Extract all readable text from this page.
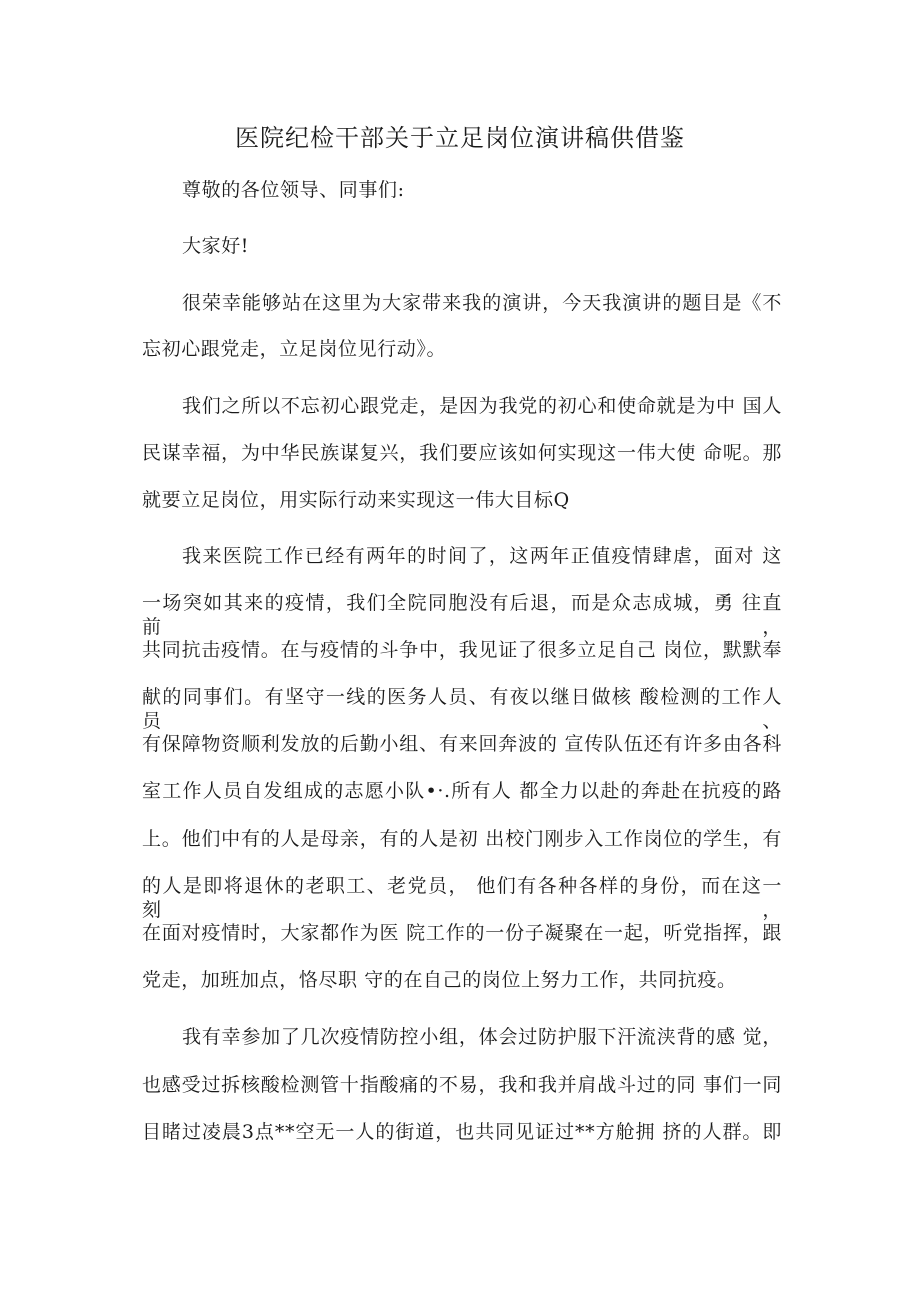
医院纪检干部关于立足岗位演讲稿供借鉴

尊敬的各位领导、同事们:

大家好!

很荣幸能够站在这里为大家带来我的演讲，今天我演讲的题目是《不

忘初心跟党走，立足岗位见行动》。

我们之所以不忘初心跟党走，是因为我党的初心和使命就是为中 国人

民谋幸福，为中华民族谋复兴，我们要应该如何实现这一伟大使 命呢。那

就要立足岗位，用实际行动来实现这一伟大目标Q

我来医院工作已经有两年的时间了，这两年正值疫情肆虐，面对 这

一场突如其来的疫情，我们全院同胞没有后退，而是众志成城，勇 往直前，

共同抗击疫情。在与疫情的斗争中，我见证了很多立足自己 岗位，默默奉

献的同事们。有坚守一线的医务人员、有夜以继日做核 酸检测的工作人员、

有保障物资顺利发放的后勤小组、有来回奔波的 宣传队伍还有许多由各科

室工作人员自发组成的志愿小队•·.所有人 都全力以赴的奔赴在抗疫的路

上。他们中有的人是母亲，有的人是初 出校门刚步入工作岗位的学生，有

的人是即将退休的老职工、老党员， 他们有各种各样的身份，而在这一刻，

在面对疫情时，大家都作为医 院工作的一份子凝聚在一起，听党指挥，跟

党走，加班加点，恪尽职 守的在自己的岗位上努力工作，共同抗疫。

我有幸参加了几次疫情防控小组，体会过防护服下汗流浃背的感 觉，

也感受过拆核酸检测管十指酸痛的不易，我和我并肩战斗过的同 事们一同

目睹过凌晨3点**空无一人的街道，也共同见证过**方舱拥 挤的人群。即
